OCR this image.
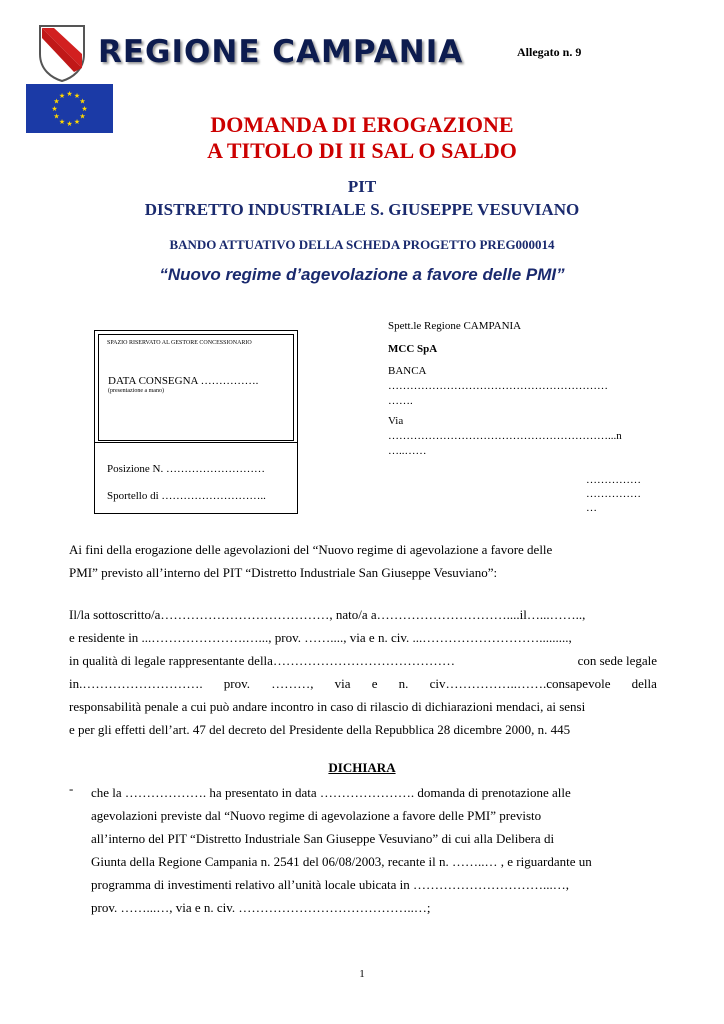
REGIONE CAMPANIA	Allegato n. 9
★ ★
★
★
★
★
★
★
★
★
★
★
DOMANDA DI EROGAZIONE
A TITOLO DI II SAL O SALDO
PIT
DISTRETTO INDUSTRIALE S. GIUSEPPE VESUVIANO
BANDO ATTUATIVO DELLA SCHEDA PROGETTO PREG000014
“Nuovo regime d’agevolazione a favore delle PMI”
SPAZIO RISERVATO AL GESTORE CONCESSIONARIO
DATA CONSEGNA …………….
(presentazione a mano)
Posizione N. ………………………
Sportello di ………………………..
Spett.le Regione CAMPANIA
MCC SpA
BANCA
……………………………………………………
…….
Via
……………………………………………………...n
…..……
……………
……………
…
Ai fini della erogazione delle agevolazioni del “Nuovo regime di agevolazione a favore delle
PMI” previsto all’interno del PIT “Distretto Industriale San Giuseppe Vesuviano”:
Il/la sottoscritto/a…………………………………, nato/a a…………………………....il…...……..,
e residente in ...………………….…..., prov. ……...., via e n. civ. ...……………………….........,
in qualità di legale rappresentante della……………………………………	con sede legale
in.………………………. prov. ………, via e n. civ……………..…….consapevole della
responsabilità penale a cui può andare incontro in caso di rilascio di dichiarazioni mendaci, ai sensi
e per gli effetti dell’art. 47 del decreto del Presidente della Repubblica 28 dicembre 2000, n. 445
DICHIARA
- che la ………………. ha presentato in data …………………. domanda di prenotazione alle
agevolazioni previste dal “Nuovo regime di agevolazione a favore delle PMI” previsto
all’interno del PIT “Distretto Industriale San Giuseppe Vesuviano” di cui alla Delibera di
Giunta della Regione Campania n. 2541 del 06/08/2003, recante il n. ……..… , e riguardante un
programma di investimenti relativo all’unità locale ubicata in …………………………...…,
prov. ……...…, via e n. civ. …………………………………..…;
1
